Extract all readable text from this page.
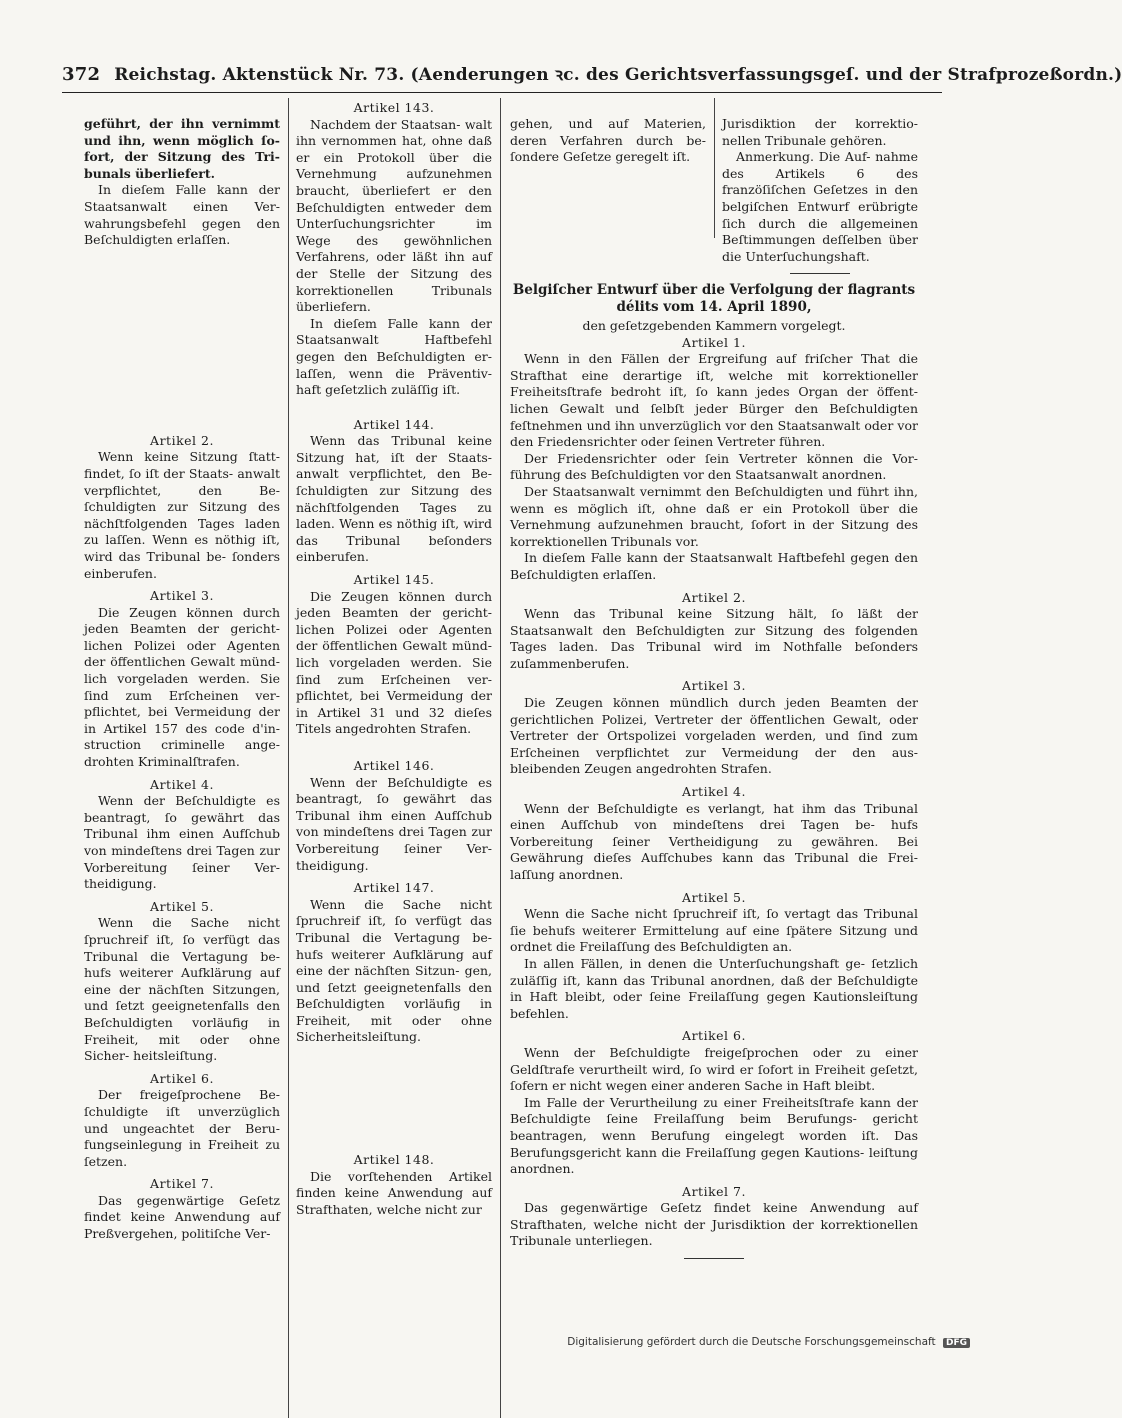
372 Reichstag. Aktenstück Nr. 73. (Aenderungen ꝛc. des Gerichtsverfassungsgeſ. und der Strafprozeßordn.)

geführt, der ihn vernimmt und ihn, wenn möglich ſo- fort, der Sitzung des Tri- bunals überliefert.

In dieſem Falle kann der Staatsanwalt einen Ver- wahrungsbefehl gegen den Beſchuldigten erlaſſen.

Artikel 2.

Wenn keine Sitzung ſtatt- findet, ſo iſt der Staats- anwalt verpflichtet, den Be- ſchuldigten zur Sitzung des nächſtfolgenden Tages laden zu laſſen. Wenn es nöthig iſt, wird das Tribunal be- ſonders einberufen.

Artikel 3.

Die Zeugen können durch jeden Beamten der gericht- lichen Polizei oder Agenten der öffentlichen Gewalt münd- lich vorgeladen werden. Sie ſind zum Erſcheinen ver- pflichtet, bei Vermeidung der in Artikel 157 des code d'in- struction criminelle ange- drohten Kriminalſtrafen.

Artikel 4.

Wenn der Beſchuldigte es beantragt, ſo gewährt das Tribunal ihm einen Aufſchub von mindeſtens drei Tagen zur Vorbereitung ſeiner Ver- theidigung.

Artikel 5.

Wenn die Sache nicht ſpruchreif iſt, ſo verfügt das Tribunal die Vertagung be- hufs weiterer Aufklärung auf eine der nächſten Sitzungen, und ſetzt geeignetenfalls den Beſchuldigten vorläufig in Freiheit, mit oder ohne Sicher- heitsleiſtung.

Artikel 6.

Der freigeſprochene Be- ſchuldigte iſt unverzüglich und ungeachtet der Beru- fungseinlegung in Freiheit zu ſetzen.

Artikel 7.

Das gegenwärtige Geſetz findet keine Anwendung auf Preßvergehen, politiſche Ver-

Artikel 143.

Nachdem der Staatsan- walt ihn vernommen hat, ohne daß er ein Protokoll über die Vernehmung aufzunehmen braucht, überliefert er den Beſchuldigten entweder dem Unterſuchungsrichter im Wege des gewöhnlichen Verfahrens, oder läßt ihn auf der Stelle der Sitzung des korrektionellen Tribunals überliefern.

In dieſem Falle kann der Staatsanwalt Haftbefehl gegen den Beſchuldigten er- laſſen, wenn die Präventiv- haft geſetzlich zuläſſig iſt.

Artikel 144.

Wenn das Tribunal keine Sitzung hat, iſt der Staats- anwalt verpflichtet, den Be- ſchuldigten zur Sitzung des nächſtfolgenden Tages zu laden. Wenn es nöthig iſt, wird das Tribunal beſonders einberufen.

Artikel 145.

Die Zeugen können durch jeden Beamten der gericht- lichen Polizei oder Agenten der öffentlichen Gewalt münd- lich vorgeladen werden. Sie ſind zum Erſcheinen ver- pflichtet, bei Vermeidung der in Artikel 31 und 32 dieſes Titels angedrohten Strafen.

Artikel 146.

Wenn der Beſchuldigte es beantragt, ſo gewährt das Tribunal ihm einen Aufſchub von mindeſtens drei Tagen zur Vorbereitung ſeiner Ver- theidigung.

Artikel 147.

Wenn die Sache nicht ſpruchreif iſt, ſo verfügt das Tribunal die Vertagung be- hufs weiterer Aufklärung auf eine der nächſten Sitzun- gen, und ſetzt geeignetenfalls den Beſchuldigten vorläufig in Freiheit, mit oder ohne Sicherheitsleiſtung.

Artikel 148.

Die vorſtehenden Artikel finden keine Anwendung auf Strafthaten, welche nicht zur

gehen, und auf Materien, deren Verfahren durch be- ſondere Geſetze geregelt iſt.

Jurisdiktion der korrektio- nellen Tribunale gehören.

Anmerkung. Die Auf- nahme des Artikels 6 des franzöſiſchen Geſetzes in den belgiſchen Entwurf erübrigte ſich durch die allgemeinen Beſtimmungen deſſelben über die Unterſuchungshaft.

Belgiſcher Entwurf über die Verfolgung der flagrants délits vom 14. April 1890,

den geſetzgebenden Kammern vorgelegt.

Artikel 1.

Wenn in den Fällen der Ergreifung auf friſcher That die Strafthat eine derartige iſt, welche mit korrektioneller Freiheitsſtrafe bedroht iſt, ſo kann jedes Organ der öffent- lichen Gewalt und ſelbſt jeder Bürger den Beſchuldigten feſtnehmen und ihn unverzüglich vor den Staatsanwalt oder vor den Friedensrichter oder ſeinen Vertreter führen.

Der Friedensrichter oder ſein Vertreter können die Vor- führung des Beſchuldigten vor den Staatsanwalt anordnen.

Der Staatsanwalt vernimmt den Beſchuldigten und führt ihn, wenn es möglich iſt, ohne daß er ein Protokoll über die Vernehmung aufzunehmen braucht, ſofort in der Sitzung des korrektionellen Tribunals vor.

In dieſem Falle kann der Staatsanwalt Haftbefehl gegen den Beſchuldigten erlaſſen.

Artikel 2.

Wenn das Tribunal keine Sitzung hält, ſo läßt der Staatsanwalt den Beſchuldigten zur Sitzung des folgenden Tages laden. Das Tribunal wird im Nothfalle beſonders zuſammenberufen.

Artikel 3.

Die Zeugen können mündlich durch jeden Beamten der gerichtlichen Polizei, Vertreter der öffentlichen Gewalt, oder Vertreter der Ortspolizei vorgeladen werden, und ſind zum Erſcheinen verpflichtet zur Vermeidung der den aus- bleibenden Zeugen angedrohten Strafen.

Artikel 4.

Wenn der Beſchuldigte es verlangt, hat ihm das Tribunal einen Aufſchub von mindeſtens drei Tagen be- hufs Vorbereitung ſeiner Vertheidigung zu gewähren. Bei Gewährung dieſes Aufſchubes kann das Tribunal die Frei- laſſung anordnen.

Artikel 5.

Wenn die Sache nicht ſpruchreif iſt, ſo vertagt das Tribunal ſie behufs weiterer Ermittelung auf eine ſpätere Sitzung und ordnet die Freilaſſung des Beſchuldigten an.

In allen Fällen, in denen die Unterſuchungshaft ge- ſetzlich zuläſſig iſt, kann das Tribunal anordnen, daß der Beſchuldigte in Haft bleibt, oder ſeine Freilaſſung gegen Kautionsleiſtung befehlen.

Artikel 6.

Wenn der Beſchuldigte freigeſprochen oder zu einer Geldſtrafe verurtheilt wird, ſo wird er ſofort in Freiheit geſetzt, ſofern er nicht wegen einer anderen Sache in Haft bleibt.

Im Falle der Verurtheilung zu einer Freiheitsſtrafe kann der Beſchuldigte ſeine Freilaſſung beim Berufungs- gericht beantragen, wenn Berufung eingelegt worden iſt. Das Berufungsgericht kann die Freilaſſung gegen Kautions- leiſtung anordnen.

Artikel 7.

Das gegenwärtige Geſetz findet keine Anwendung auf Strafthaten, welche nicht der Jurisdiktion der korrektionellen Tribunale unterliegen.

Digitalisierung gefördert durch die Deutsche Forschungsgemeinschaft DFG
